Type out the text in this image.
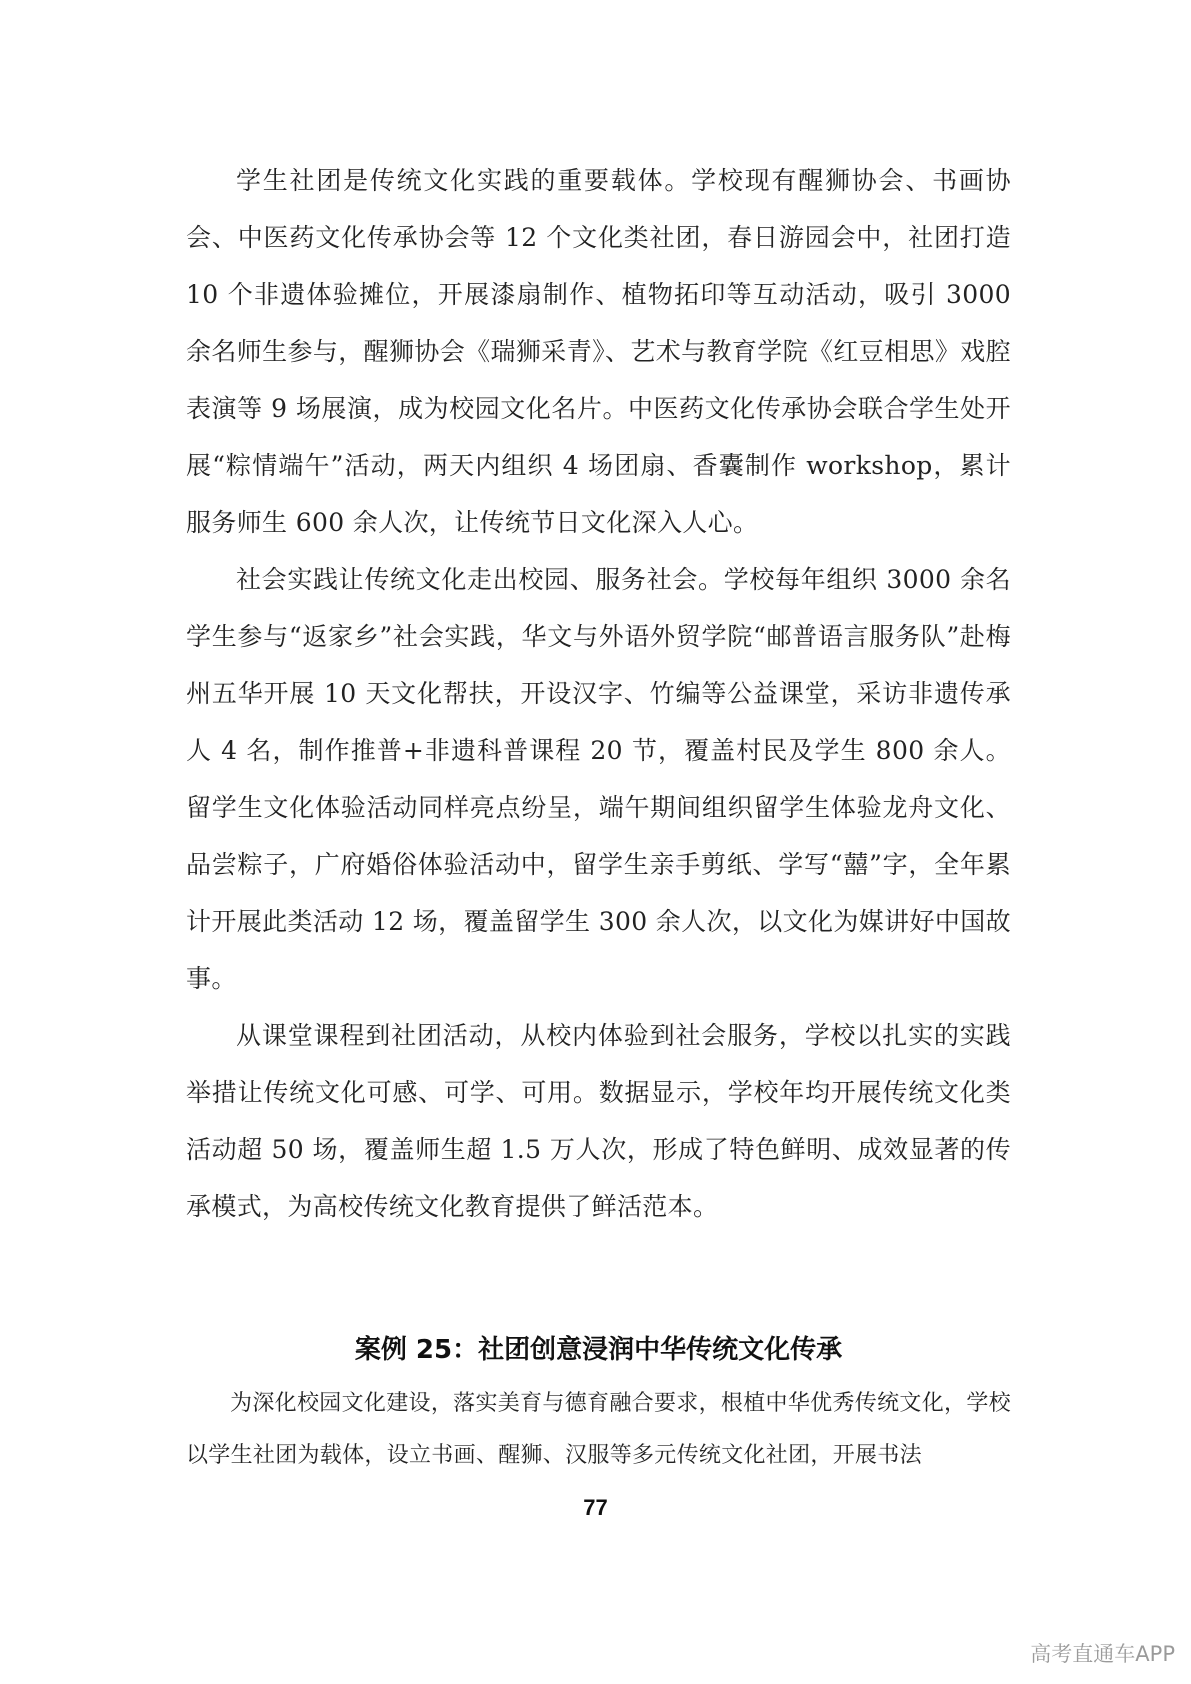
学生社团是传统文化实践的重要载体。学校现有醒狮协会、书画协会、中医药文化传承协会等 12 个文化类社团，春日游园会中，社团打造 10 个非遗体验摊位，开展漆扇制作、植物拓印等互动活动，吸引 3000 余名师生参与，醒狮协会《瑞狮采青》、艺术与教育学院《红豆相思》戏腔表演等 9 场展演，成为校园文化名片。中医药文化传承协会联合学生处开展“粽情端午”活动，两天内组织 4 场团扇、香囊制作 workshop，累计服务师生 600 余人次，让传统节日文化深入人心。

社会实践让传统文化走出校园、服务社会。学校每年组织 3000 余名学生参与“返家乡”社会实践，华文与外语外贸学院“邮普语言服务队”赴梅州五华开展 10 天文化帮扶，开设汉字、竹编等公益课堂，采访非遗传承人 4 名，制作推普+非遗科普课程 20 节，覆盖村民及学生 800 余人。留学生文化体验活动同样亮点纷呈，端午期间组织留学生体验龙舟文化、品尝粽子，广府婚俗体验活动中，留学生亲手剪纸、学写“囍”字，全年累计开展此类活动 12 场，覆盖留学生 300 余人次，以文化为媒讲好中国故事。

从课堂课程到社团活动，从校内体验到社会服务，学校以扎实的实践举措让传统文化可感、可学、可用。数据显示，学校年均开展传统文化类活动超 50 场，覆盖师生超 1.5 万人次，形成了特色鲜明、成效显著的传承模式，为高校传统文化教育提供了鲜活范本。

案例 25：社团创意浸润中华传统文化传承

为深化校园文化建设，落实美育与德育融合要求，根植中华优秀传统文化，学校以学生社团为载体，设立书画、醒狮、汉服等多元传统文化社团，开展书法

77
高考直通车APP
